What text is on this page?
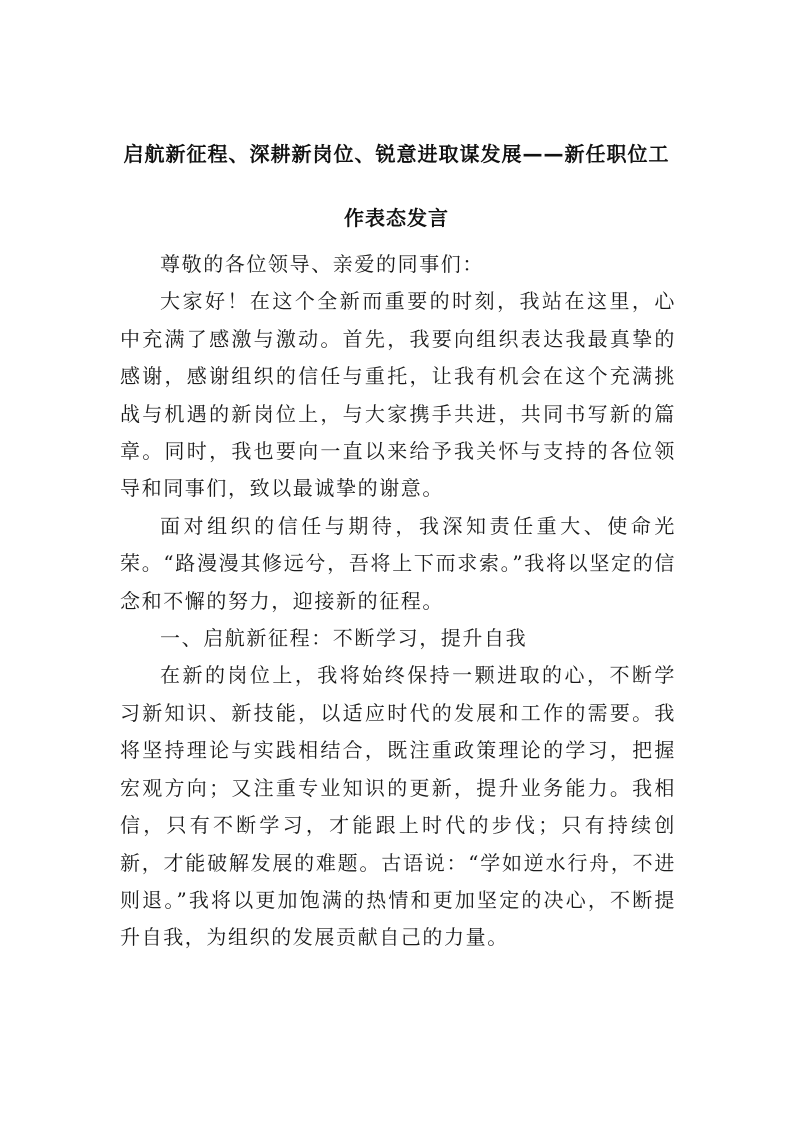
启航新征程、深耕新岗位、锐意进取谋发展——新任职位工作表态发言

尊敬的各位领导、亲爱的同事们：

大家好！在这个全新而重要的时刻，我站在这里，心中充满了感激与激动。首先，我要向组织表达我最真挚的感谢，感谢组织的信任与重托，让我有机会在这个充满挑战与机遇的新岗位上，与大家携手共进，共同书写新的篇章。同时，我也要向一直以来给予我关怀与支持的各位领导和同事们，致以最诚挚的谢意。

面对组织的信任与期待，我深知责任重大、使命光荣。“路漫漫其修远兮，吾将上下而求索。”我将以坚定的信念和不懈的努力，迎接新的征程。

一、启航新征程：不断学习，提升自我

在新的岗位上，我将始终保持一颗进取的心，不断学习新知识、新技能，以适应时代的发展和工作的需要。我将坚持理论与实践相结合，既注重政策理论的学习，把握宏观方向；又注重专业知识的更新，提升业务能力。我相信，只有不断学习，才能跟上时代的步伐；只有持续创新，才能破解发展的难题。古语说：“学如逆水行舟，不进则退。”我将以更加饱满的热情和更加坚定的决心，不断提升自我，为组织的发展贡献自己的力量。
